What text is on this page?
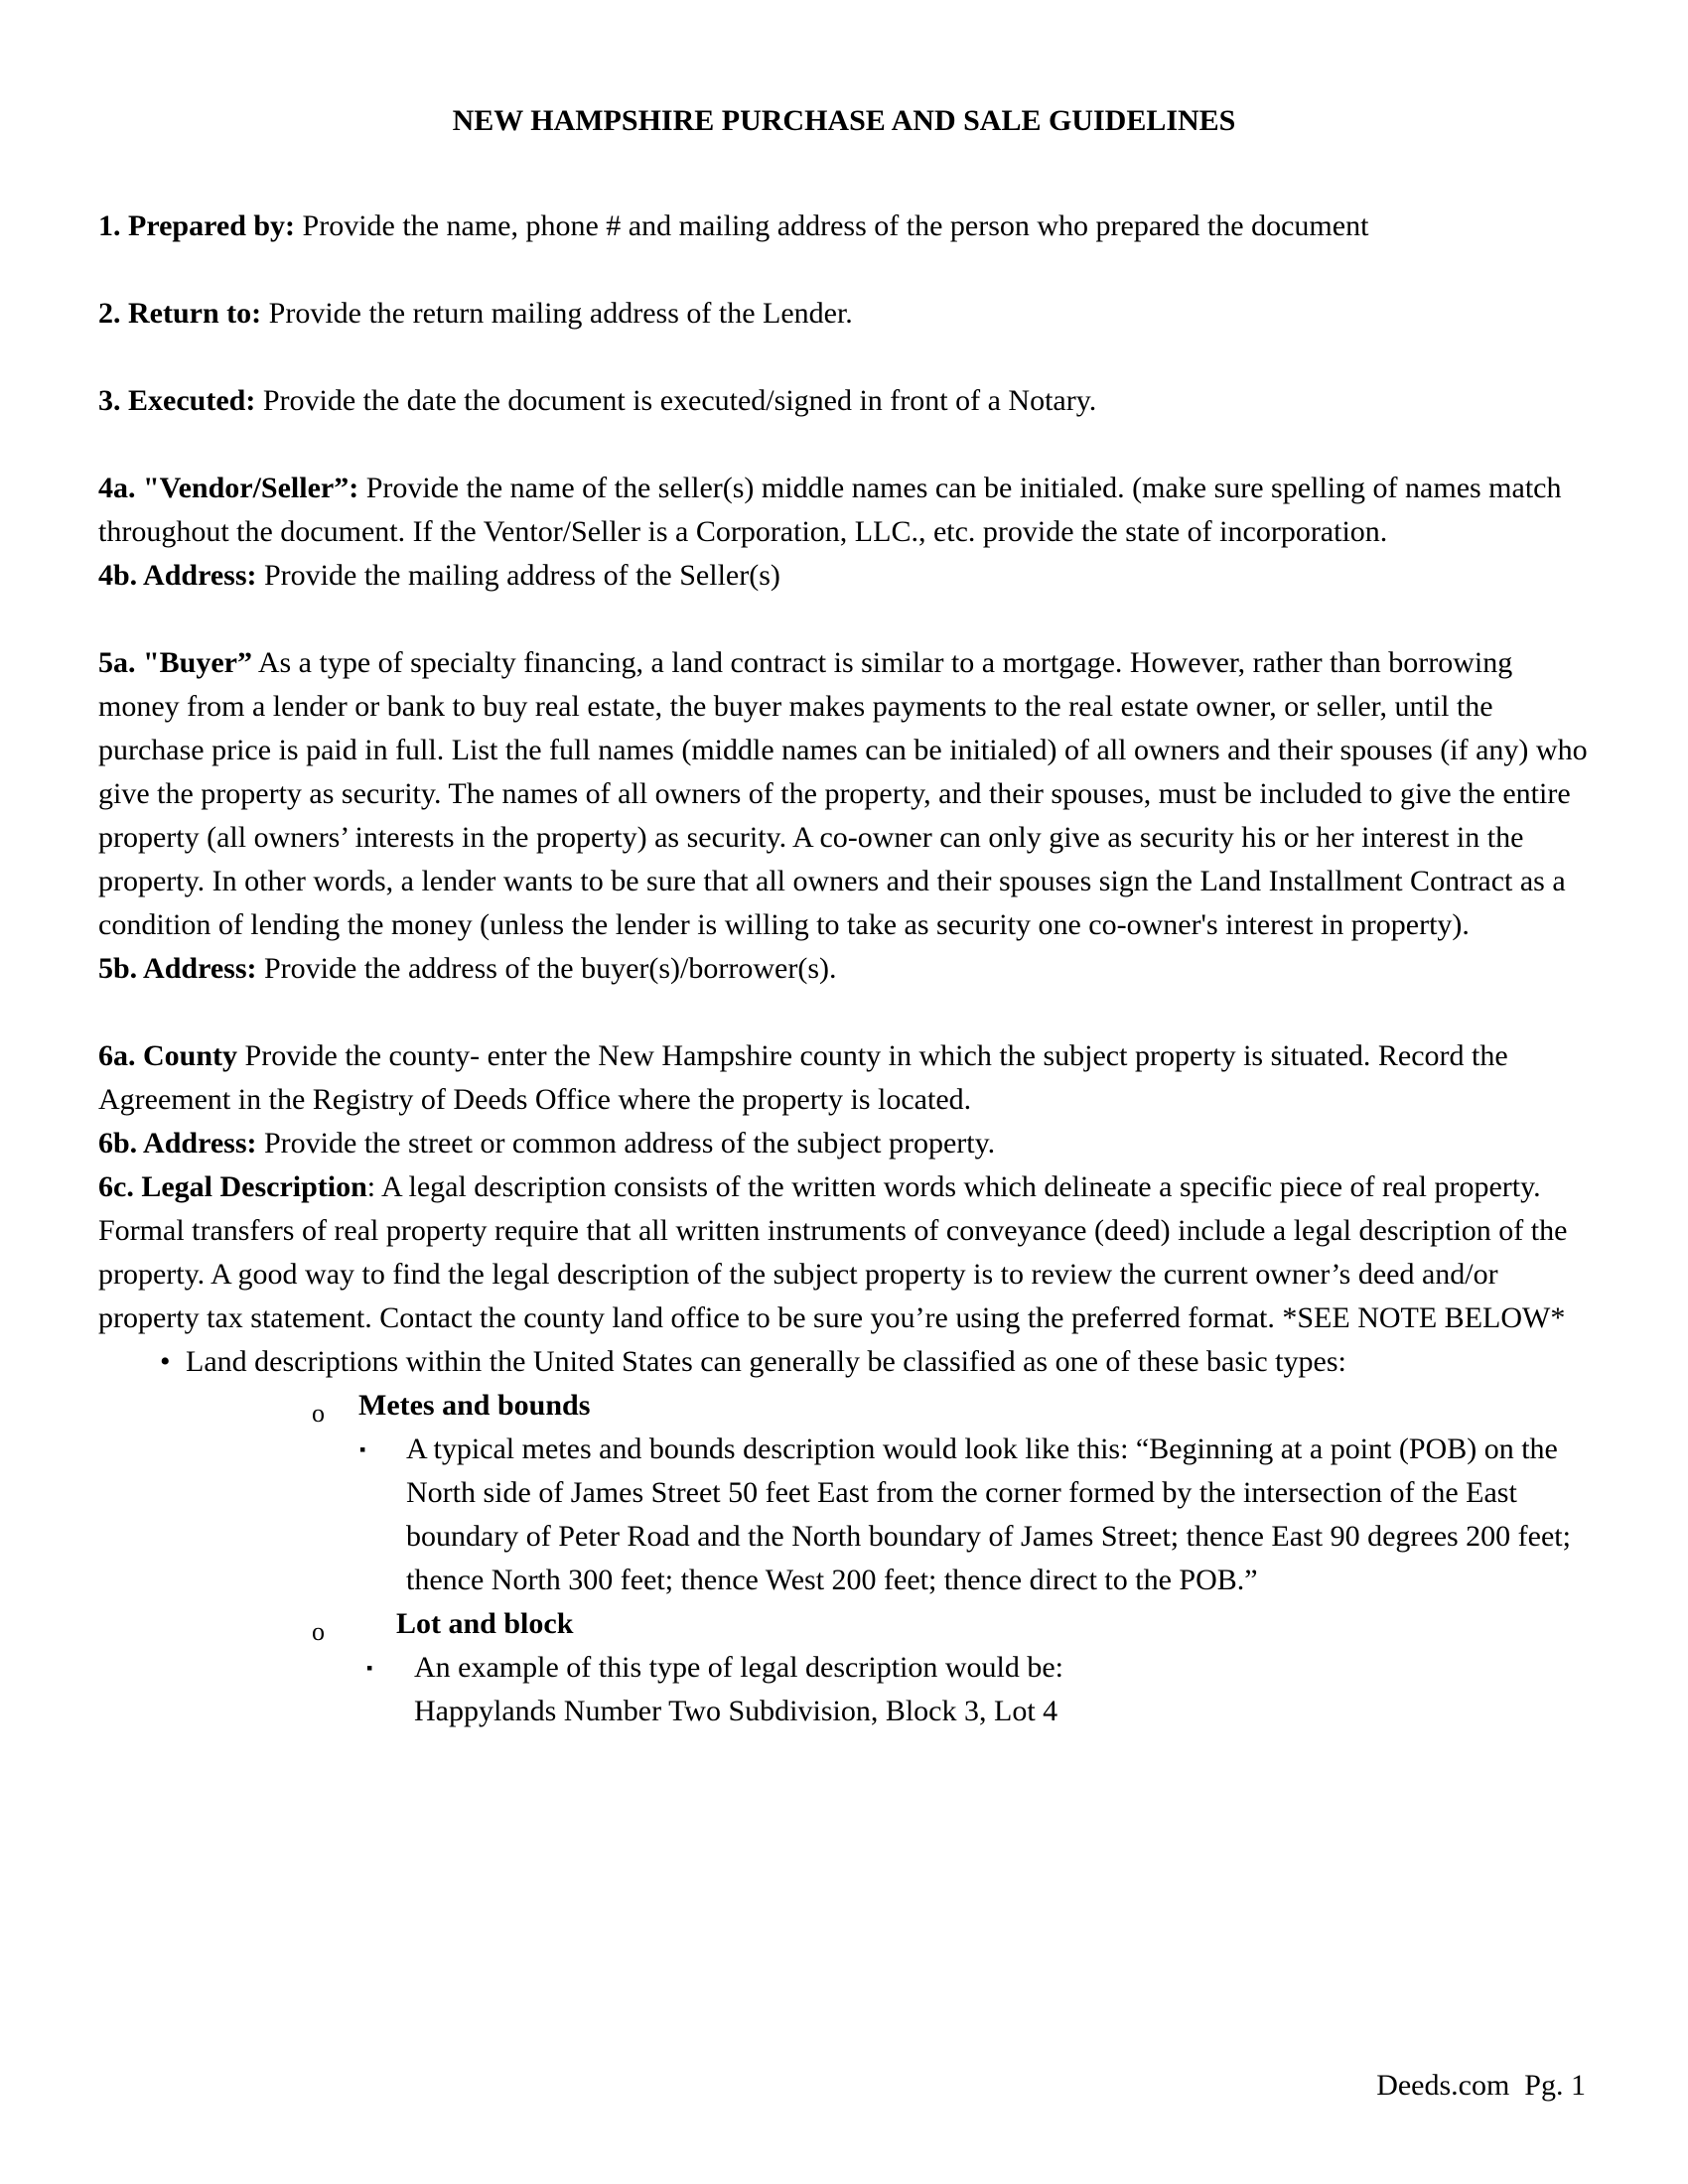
NEW HAMPSHIRE PURCHASE AND SALE GUIDELINES

1. Prepared by: Provide the name, phone # and mailing address of the person who prepared the document

2. Return to: Provide the return mailing address of the Lender.

3. Executed: Provide the date the document is executed/signed in front of a Notary.

4a. "Vendor/Seller”: Provide the name of the seller(s) middle names can be initialed. (make sure spelling of names match throughout the document. If the Ventor/Seller is a Corporation, LLC., etc. provide the state of incorporation.

4b. Address: Provide the mailing address of the Seller(s)

5a. "Buyer” As a type of specialty financing, a land contract is similar to a mortgage. However, rather than borrowing money from a lender or bank to buy real estate, the buyer makes payments to the real estate owner, or seller, until the purchase price is paid in full. List the full names (middle names can be initialed) of all owners and their spouses (if any) who give the property as security. The names of all owners of the property, and their spouses, must be included to give the entire property (all owners’ interests in the property) as security. A co-owner can only give as security his or her interest in the property. In other words, a lender wants to be sure that all owners and their spouses sign the Land Installment Contract as a condition of lending the money (unless the lender is willing to take as security one co-owner's interest in property).

5b. Address: Provide the address of the buyer(s)/borrower(s).

6a. County Provide the county- enter the New Hampshire county in which the subject property is situated. Record the Agreement in the Registry of Deeds Office where the property is located.

6b. Address: Provide the street or common address of the subject property.

6c. Legal Description: A legal description consists of the written words which delineate a specific piece of real property. Formal transfers of real property require that all written instruments of conveyance (deed) include a legal description of the property. A good way to find the legal description of the subject property is to review the current owner’s deed and/or property tax statement. Contact the county land office to be sure you’re using the preferred format. *SEE NOTE BELOW*

• Land descriptions within the United States can generally be classified as one of these basic types:
o Metes and bounds
▪ A typical metes and bounds description would look like this: “Beginning at a point (POB) on the North side of James Street 50 feet East from the corner formed by the intersection of the East boundary of Peter Road and the North boundary of James Street; thence East 90 degrees 200 feet; thence North 300 feet; thence West 200 feet; thence direct to the POB.”
o Lot and block
▪ An example of this type of legal description would be:
Happylands Number Two Subdivision, Block 3, Lot 4
Deeds.com  Pg. 1
